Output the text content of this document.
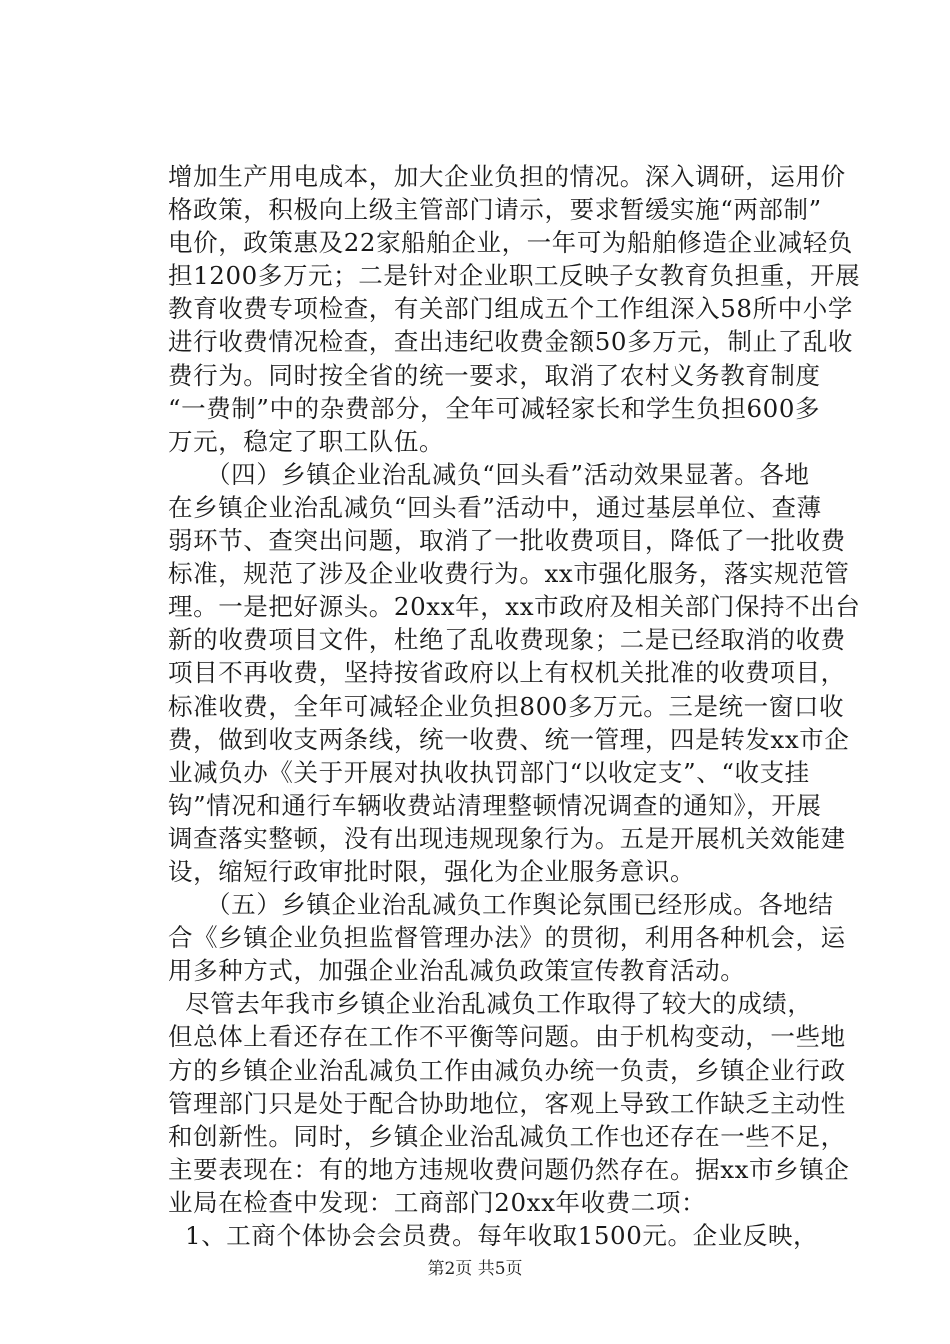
增加生产用电成本，加大企业负担的情况。深入调研，运用价
格政策，积极向上级主管部门请示，要求暂缓实施“两部制”
电价，政策惠及22家船舶企业，一年可为船舶修造企业减轻负
担1200多万元；二是针对企业职工反映子女教育负担重，开展
教育收费专项检查，有关部门组成五个工作组深入58所中小学
进行收费情况检查，查出违纪收费金额50多万元，制止了乱收
费行为。同时按全省的统一要求，取消了农村义务教育制度
“一费制”中的杂费部分，全年可减轻家长和学生负担600多
万元，稳定了职工队伍。
（四）乡镇企业治乱减负“回头看”活动效果显著。各地
在乡镇企业治乱减负“回头看”活动中，通过基层单位、查薄
弱环节、查突出问题，取消了一批收费项目，降低了一批收费
标准，规范了涉及企业收费行为。xx市强化服务，落实规范管
理。一是把好源头。20xx年，xx市政府及相关部门保持不出台
新的收费项目文件，杜绝了乱收费现象；二是已经取消的收费
项目不再收费，坚持按省政府以上有权机关批准的收费项目，
标准收费，全年可减轻企业负担800多万元。三是统一窗口收
费，做到收支两条线，统一收费、统一管理，四是转发xx市企
业减负办《关于开展对执收执罚部门“以收定支”、“收支挂
钩”情况和通行车辆收费站清理整顿情况调查的通知》，开展
调查落实整顿，没有出现违规现象行为。五是开展机关效能建
设，缩短行政审批时限，强化为企业服务意识。
（五）乡镇企业治乱减负工作舆论氛围已经形成。各地结
合《乡镇企业负担监督管理办法》的贯彻，利用各种机会，运
用多种方式，加强企业治乱减负政策宣传教育活动。
尽管去年我市乡镇企业治乱减负工作取得了较大的成绩，
但总体上看还存在工作不平衡等问题。由于机构变动，一些地
方的乡镇企业治乱减负工作由减负办统一负责，乡镇企业行政
管理部门只是处于配合协助地位，客观上导致工作缺乏主动性
和创新性。同时，乡镇企业治乱减负工作也还存在一些不足，
主要表现在：有的地方违规收费问题仍然存在。据xx市乡镇企
业局在检查中发现：工商部门20xx年收费二项：
1、工商个体协会会员费。每年收取1500元。企业反映，
第2页 共5页
